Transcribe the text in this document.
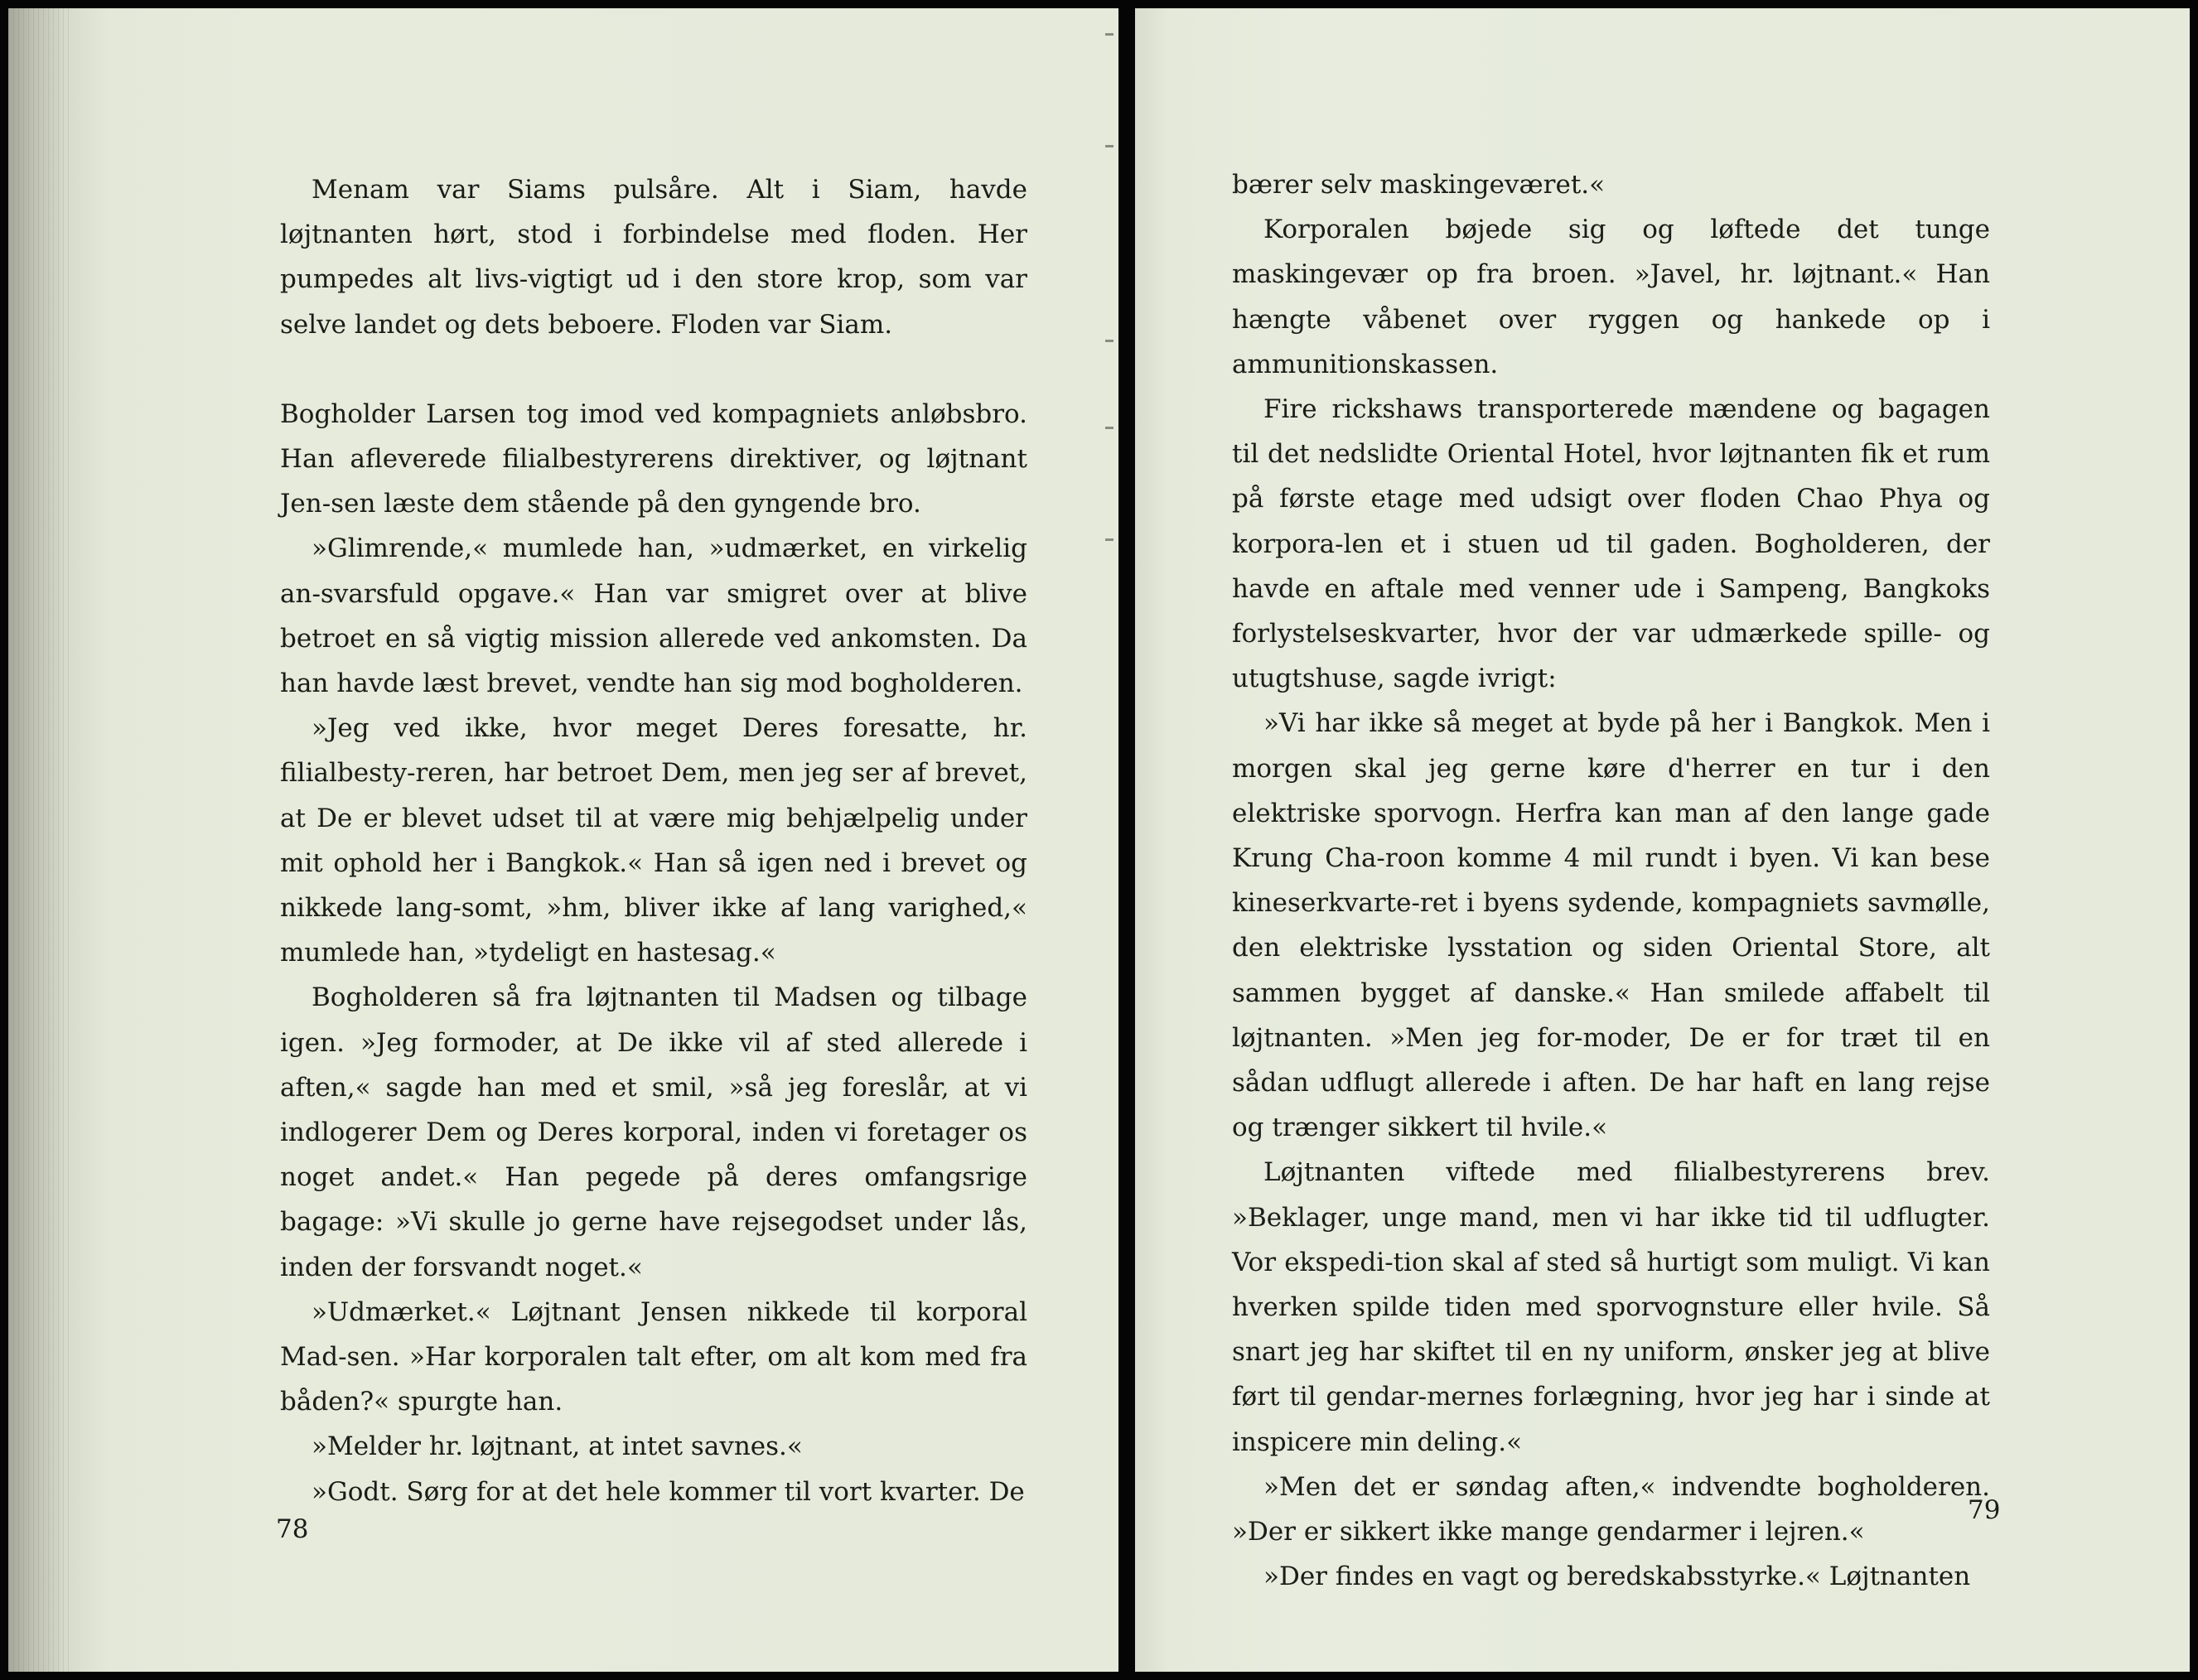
Menam var Siams pulsåre. Alt i Siam, havde løjtnanten hørt, stod i forbindelse med floden. Her pumpedes alt livs-vigtigt ud i den store krop, som var selve landet og dets beboere. Floden var Siam.

Bogholder Larsen tog imod ved kompagniets anløbsbro. Han afleverede filialbestyrerens direktiver, og løjtnant Jen-sen læste dem stående på den gyngende bro.

»Glimrende,« mumlede han, »udmærket, en virkelig an-svarsfuld opgave.« Han var smigret over at blive betroet en så vigtig mission allerede ved ankomsten. Da han havde læst brevet, vendte han sig mod bogholderen.

»Jeg ved ikke, hvor meget Deres foresatte, hr. filialbesty-reren, har betroet Dem, men jeg ser af brevet, at De er blevet udset til at være mig behjælpelig under mit ophold her i Bangkok.« Han så igen ned i brevet og nikkede lang-somt, »hm, bliver ikke af lang varighed,« mumlede han, »tydeligt en hastesag.«

Bogholderen så fra løjtnanten til Madsen og tilbage igen. »Jeg formoder, at De ikke vil af sted allerede i aften,« sagde han med et smil, »så jeg foreslår, at vi indlogerer Dem og Deres korporal, inden vi foretager os noget andet.« Han pegede på deres omfangsrige bagage: »Vi skulle jo gerne have rejsegodset under lås, inden der forsvandt noget.«

»Udmærket.« Løjtnant Jensen nikkede til korporal Mad-sen. »Har korporalen talt efter, om alt kom med fra båden?« spurgte han.

»Melder hr. løjtnant, at intet savnes.«

»Godt. Sørg for at det hele kommer til vort kvarter. De

78

bærer selv maskingeværet.«

Korporalen bøjede sig og løftede det tunge maskingevær op fra broen. »Javel, hr. løjtnant.« Han hængte våbenet over ryggen og hankede op i ammunitionskassen.

Fire rickshaws transporterede mændene og bagagen til det nedslidte Oriental Hotel, hvor løjtnanten fik et rum på første etage med udsigt over floden Chao Phya og korpora-len et i stuen ud til gaden. Bogholderen, der havde en aftale med venner ude i Sampeng, Bangkoks forlystelseskvarter, hvor der var udmærkede spille- og utugtshuse, sagde ivrigt:

»Vi har ikke så meget at byde på her i Bangkok. Men i morgen skal jeg gerne køre d'herrer en tur i den elektriske sporvogn. Herfra kan man af den lange gade Krung Cha-roon komme 4 mil rundt i byen. Vi kan bese kineserkvarte-ret i byens sydende, kompagniets savmølle, den elektriske lysstation og siden Oriental Store, alt sammen bygget af danske.« Han smilede affabelt til løjtnanten. »Men jeg for-moder, De er for træt til en sådan udflugt allerede i aften. De har haft en lang rejse og trænger sikkert til hvile.«

Løjtnanten viftede med filialbestyrerens brev. »Beklager, unge mand, men vi har ikke tid til udflugter. Vor ekspedi-tion skal af sted så hurtigt som muligt. Vi kan hverken spilde tiden med sporvognsture eller hvile. Så snart jeg har skiftet til en ny uniform, ønsker jeg at blive ført til gendar-mernes forlægning, hvor jeg har i sinde at inspicere min deling.«

»Men det er søndag aften,« indvendte bogholderen. »Der er sikkert ikke mange gendarmer i lejren.«

»Der findes en vagt og beredskabsstyrke.« Løjtnanten

79
